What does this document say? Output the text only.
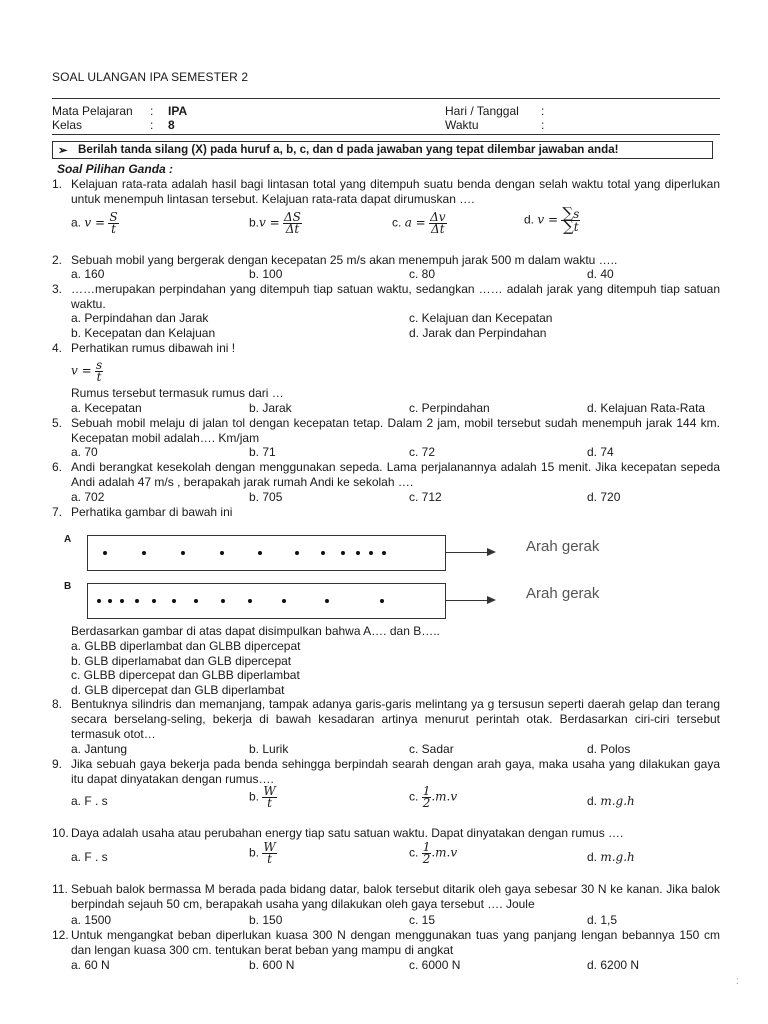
SOAL ULANGAN IPA SEMESTER 2
Mata Pelajaran : IPA
Kelas	: 8
Hari / Tanggal :
Waktu	:
➢ Berilah tanda silang (X) pada huruf a, b, c, dan d pada jawaban yang tepat dilembar jawaban anda!
Soal Pilihan Ganda :
1. Kelajuan rata-rata adalah hasil bagi lintasan total yang ditempuh suatu benda dengan selah waktu total yang diperlukan untuk menempuh lintasan tersebut. Kelajuan rata-rata dapat dirumuskan ….
a. $v = \frac{S}{t}$	$b.v = \frac{\Delta S}{\Delta t}$	c. $a = \frac{\Delta v}{\Delta t}$	d. $v = \frac{\sum s}{\sum t}$
2. Sebuah mobil yang bergerak dengan kecepatan 25 m/s akan menempuh jarak 500 m dalam waktu …..
a. 160	b. 100	c. 80	d. 40
3. ……merupakan perpindahan yang ditempuh tiap satuan waktu, sedangkan …… adalah jarak yang ditempuh tiap satuan waktu.
a. Perpindahan dan Jarak
b. Kecepatan dan Kelajuan
c. Kelajuan dan Kecepatan
d. Jarak dan Perpindahan
4. Perhatikan rumus dibawah ini !
$v = \frac{s}{t}$
Rumus tersebut termasuk rumus dari …
a. Kecepatan	b. Jarak	c. Perpindahan	d. Kelajuan Rata-Rata
5. Sebuah mobil melaju di jalan tol dengan kecepatan tetap. Dalam 2 jam, mobil tersebut sudah menempuh jarak 144 km. Kecepatan mobil adalah…. Km/jam
a. 70	b. 71	c. 72	d. 74
6. Andi berangkat kesekolah dengan menggunakan sepeda. Lama perjalanannya adalah 15 menit. Jika kecepatan sepeda Andi adalah 47 m/s , berapakah jarak rumah Andi ke sekolah ….
a. 702	b. 705	c. 712	d. 720
7. Perhatika gambar di bawah ini
A	Arah gerak
B	Arah gerak
Berdasarkan gambar di atas dapat disimpulkan bahwa A…. dan B…..
a. GLBB diperlambat dan GLBB dipercepat
b. GLB diperlamabat dan GLB dipercepat
c. GLBB dipercepat dan GLBB diperlambat
d. GLB dipercepat dan GLB diperlambat
8. Bentuknya silindris dan memanjang, tampak adanya garis-garis melintang ya g tersusun seperti daerah gelap dan terang secara berselang-seling, bekerja di bawah kesadaran artinya menurut perintah otak. Berdasarkan ciri-ciri tersebut termasuk otot…
a. Jantung	b. Lurik	c. Sadar	d. Polos
9. Jika sebuah gaya bekerja pada benda sehingga berpindah searah dengan arah gaya, maka usaha yang dilakukan gaya itu dapat dinyatakan dengan rumus….
a. F . s	b. $\frac{W}{t}$	c. $\frac{1}{2} .m.v$	d. m.g.h
10. Daya adalah usaha atau perubahan energy tiap satu satuan waktu. Dapat dinyatakan dengan rumus ….
a. F . s	b. $\frac{W}{t}$	c. $\frac{1}{2} .m.v$	d. m.g.h
11. Sebuah balok bermassa M berada pada bidang datar, balok tersebut ditarik oleh gaya sebesar 30 N ke kanan. Jika balok berpindah sejauh 50 cm, berapakah usaha yang dilakukan oleh gaya tersebut …. Joule
a. 1500	b. 150	c. 15	d. 1,5
12. Untuk mengangkat beban diperlukan kuasa 300 N dengan menggunakan tuas yang panjang lengan bebannya 150 cm dan lengan kuasa 300 cm. tentukan berat beban yang mampu di angkat
a. 60 N	b. 600 N	c. 6000 N	d. 6200 N
:
